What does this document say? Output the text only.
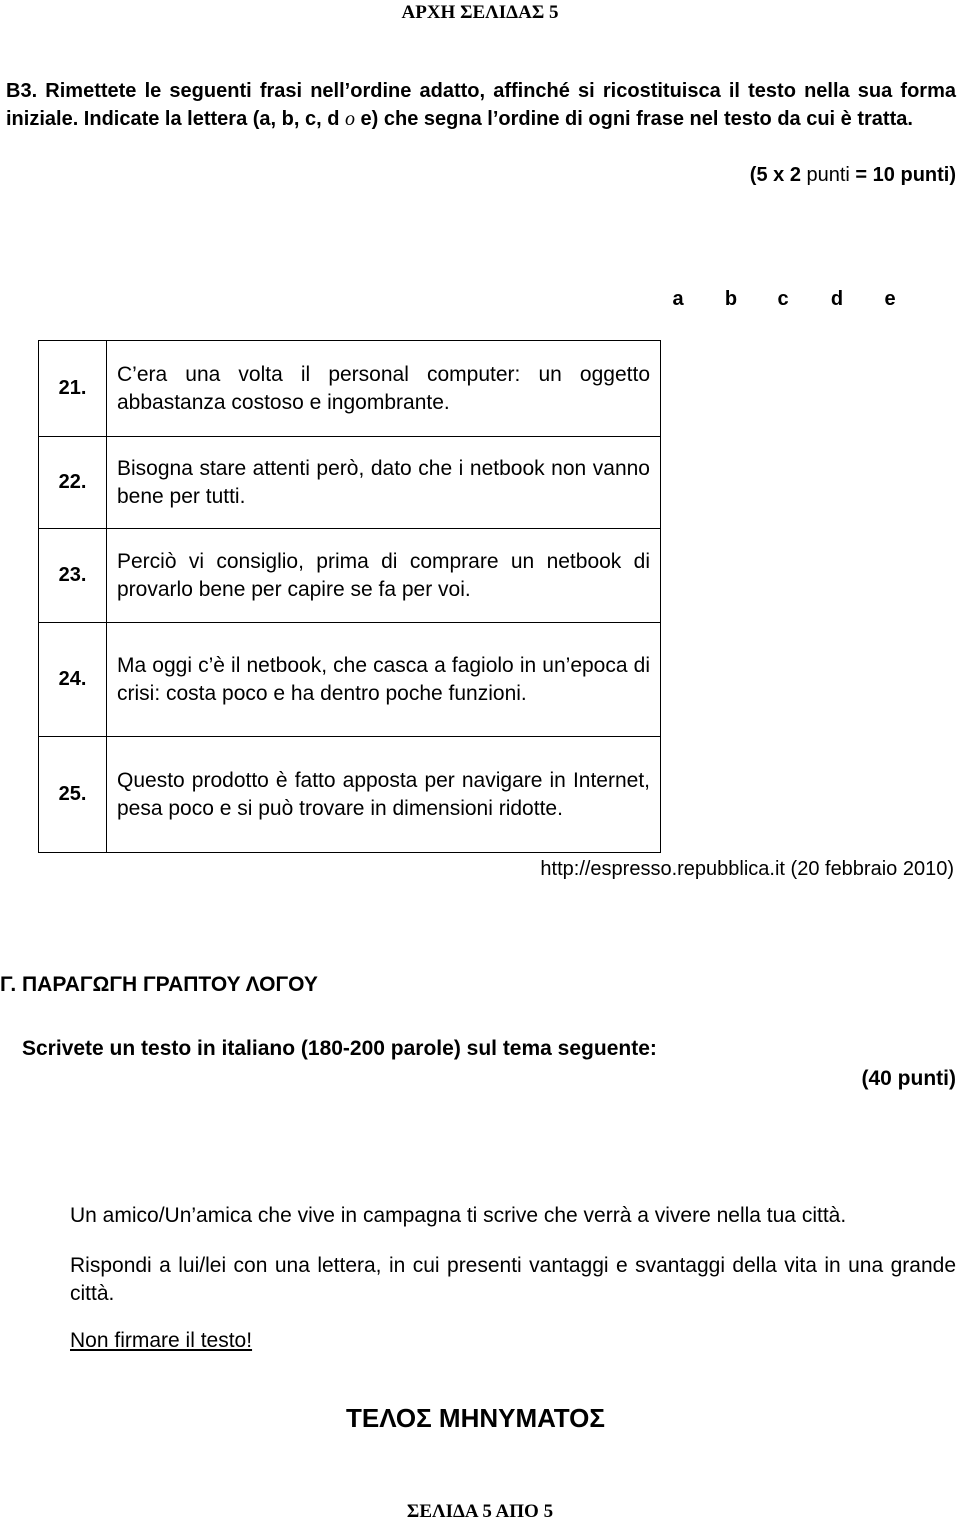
ΑΡΧΗ ΣΕΛΙΔΑΣ 5

B3. Rimettete le seguenti frasi nell’ordine adatto, affinché si ricostituisca il testo nella sua forma iniziale. Indicate la lettera (a, b, c, d o e) che segna l’ordine di ogni frase nel testo da cui è tratta.

(5 x 2 punti = 10 punti)
a	b	c	d	e
21.	C’era una volta il personal computer: un oggetto abbastanza costoso e ingombrante.

22.	Bisogna stare attenti però, dato che i netbook non vanno bene per tutti.

23.	Perciò vi consiglio, prima di comprare un netbook di provarlo bene per capire se fa per voi.

24.	Ma oggi c’è il netbook, che casca a fagiolo in un’epoca di crisi: costa poco e ha dentro poche funzioni.

25.	Questo prodotto è fatto apposta per navigare in Internet, pesa poco e si può trovare in dimensioni ridotte.
http://espresso.repubblica.it (20 febbraio 2010)
Γ. ΠΑΡΑΓΩΓΗ ΓΡΑΠΤΟΥ ΛΟΓΟΥ
Scrivete un testo in italiano (180-200 parole) sul tema seguente:
(40 punti)
Un amico/Un’amica che vive in campagna ti scrive che verrà a vivere nella tua città.
Rispondi a lui/lei con una lettera, in cui presenti vantaggi e svantaggi della vita in una grande città.
Non firmare il testo!
ΤΕΛΟΣ ΜΗΝΥΜΑΤΟΣ
ΣΕΛΙΔΑ 5 ΑΠΟ 5
